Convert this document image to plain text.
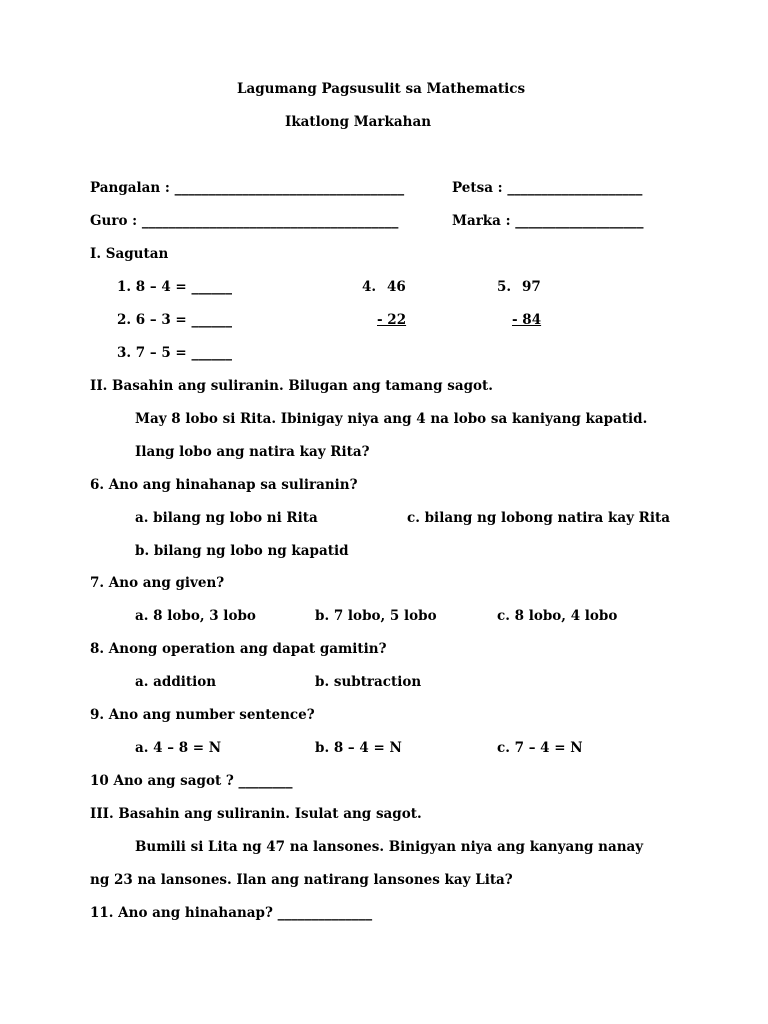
Lagumang Pagsusulit sa Mathematics
Ikatlong Markahan
Pangalan : __________________________________	Petsa : ____________________
Guro : ______________________________________	Marka : ___________________
I. Sagutan
1. 8 – 4 = ______
2. 6 – 3 = ______
3. 7 – 5 = ______
4. 46
- 22
5. 97
- 84
II. Basahin ang suliranin. Bilugan ang tamang sagot.
May 8 lobo si Rita. Ibinigay niya ang 4 na lobo sa kaniyang kapatid.
Ilang lobo ang natira kay Rita?
6. Ano ang hinahanap sa suliranin?
a. bilang ng lobo ni Rita	c. bilang ng lobong natira kay Rita
b. bilang ng lobo ng kapatid
7. Ano ang given?
a. 8 lobo, 3 lobo	b. 7 lobo, 5 lobo	c. 8 lobo, 4 lobo
8. Anong operation ang dapat gamitin?
a. addition	b. subtraction
9. Ano ang number sentence?
a. 4 – 8 = N	b. 8 – 4 = N	c. 7 – 4 = N
10 Ano ang sagot ? ________
III. Basahin ang suliranin. Isulat ang sagot.
Bumili si Lita ng 47 na lansones. Binigyan niya ang kanyang nanay
ng 23 na lansones. Ilan ang natirang lansones kay Lita?
11. Ano ang hinahanap? ______________
